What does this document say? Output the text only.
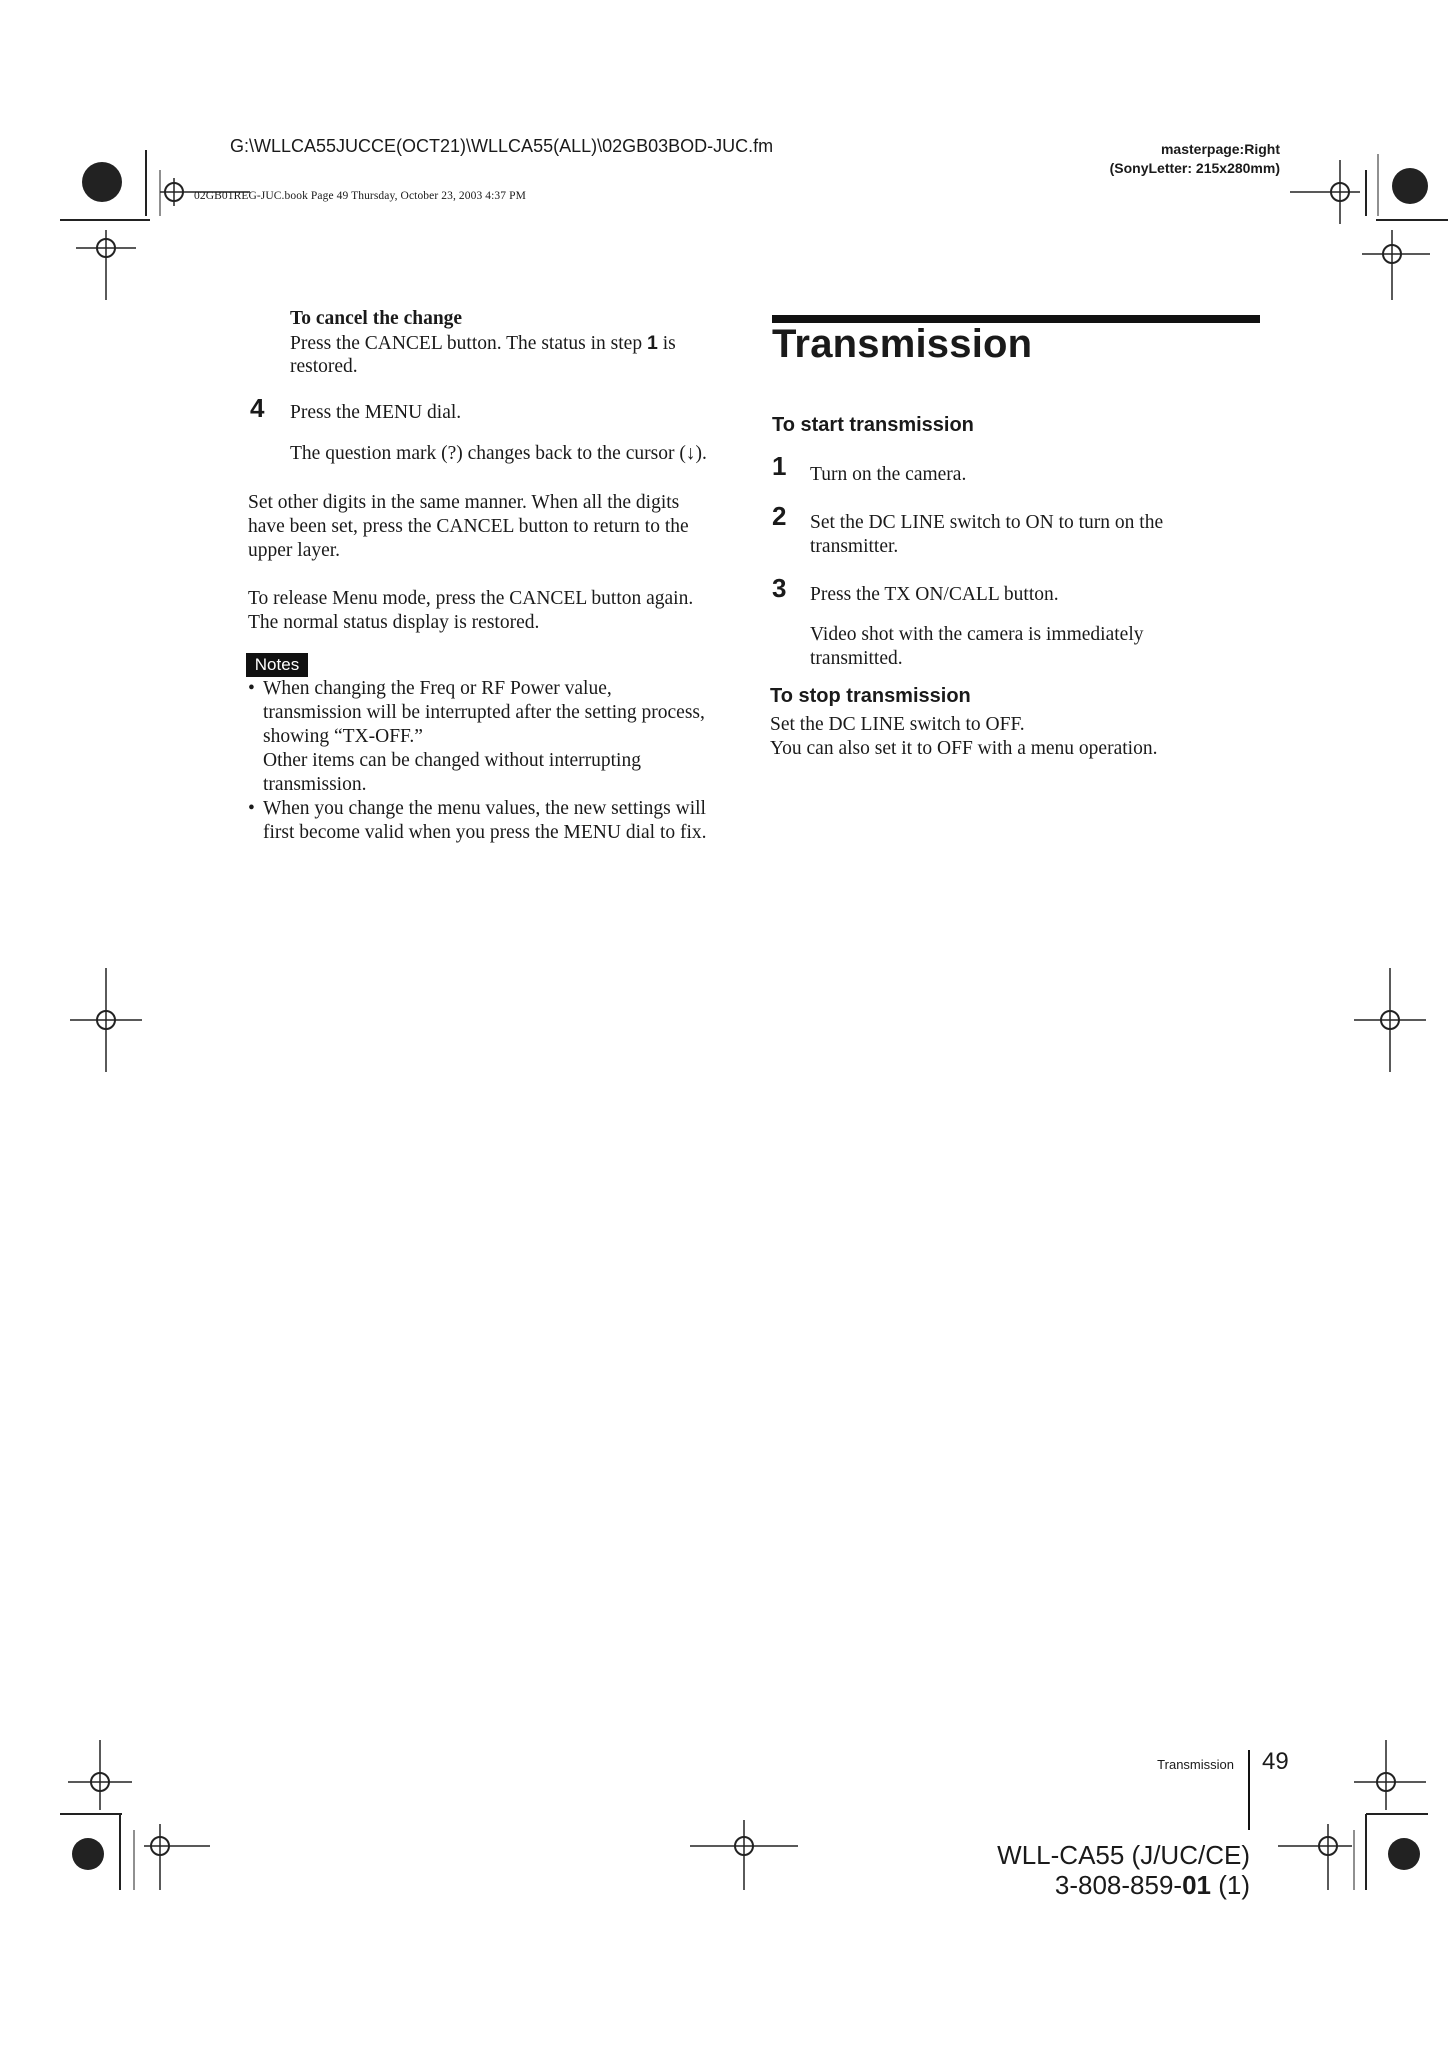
G:\WLLCA55JUCCE(OCT21)\WLLCA55(ALL)\02GB03BOD-JUC.fm
02GB01REG-JUC.book Page 49 Thursday, October 23, 2003 4:37 PM
masterpage:Right
(SonyLetter: 215x280mm)
To cancel the change
Press the CANCEL button. The status in step 1 is
restored.
4 Press the MENU dial.
The question mark (?) changes back to the cursor (↓).
Set other digits in the same manner. When all the digits
have been set, press the CANCEL button to return to the
upper layer.
To release Menu mode, press the CANCEL button again.
The normal status display is restored.
Notes
• When changing the Freq or RF Power value,
transmission will be interrupted after the setting process,
showing “TX-OFF.”
Other items can be changed without interrupting
transmission.
• When you change the menu values, the new settings will
first become valid when you press the MENU dial to fix.
Transmission
To start transmission
1 Turn on the camera.
2 Set the DC LINE switch to ON to turn on the
transmitter.
3 Press the TX ON/CALL button.
Video shot with the camera is immediately
transmitted.
To stop transmission
Set the DC LINE switch to OFF.
You can also set it to OFF with a menu operation.
Transmission 49
WLL-CA55 (J/UC/CE)
3-808-859-01 (1)
